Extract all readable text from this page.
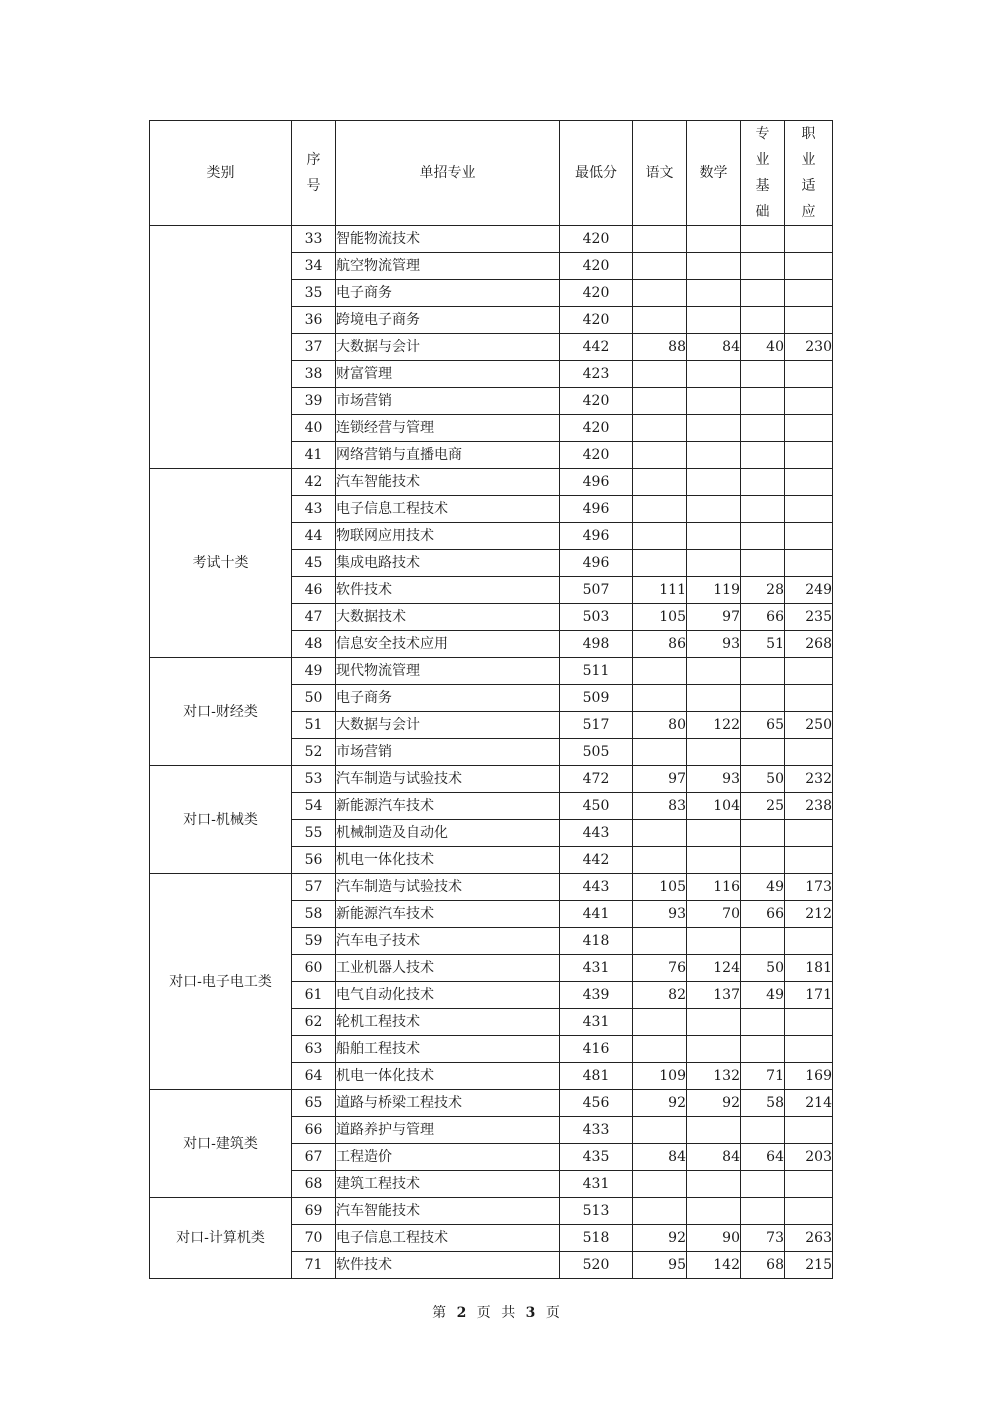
类别	序号	单招专业	最低分	语文	数学	专业基础	职业适应
	33	智能物流技术	420				
	34	航空物流管理	420				
	35	电子商务	420				
	36	跨境电子商务	420				
	37	大数据与会计	442	88	84	40	230
	38	财富管理	423				
	39	市场营销	420				
	40	连锁经营与管理	420				
	41	网络营销与直播电商	420				
考试十类	42	汽车智能技术	496				
	43	电子信息工程技术	496				
	44	物联网应用技术	496				
	45	集成电路技术	496				
	46	软件技术	507	111	119	28	249
	47	大数据技术	503	105	97	66	235
	48	信息安全技术应用	498	86	93	51	268
对口-财经类	49	现代物流管理	511				
	50	电子商务	509				
	51	大数据与会计	517	80	122	65	250
	52	市场营销	505				
对口-机械类	53	汽车制造与试验技术	472	97	93	50	232
	54	新能源汽车技术	450	83	104	25	238
	55	机械制造及自动化	443				
	56	机电一体化技术	442				
对口-电子电工类	57	汽车制造与试验技术	443	105	116	49	173
	58	新能源汽车技术	441	93	70	66	212
	59	汽车电子技术	418				
	60	工业机器人技术	431	76	124	50	181
	61	电气自动化技术	439	82	137	49	171
	62	轮机工程技术	431				
	63	船舶工程技术	416				
	64	机电一体化技术	481	109	132	71	169
对口-建筑类	65	道路与桥梁工程技术	456	92	92	58	214
	66	道路养护与管理	433				
	67	工程造价	435	84	84	64	203
	68	建筑工程技术	431				
对口-计算机类	69	汽车智能技术	513				
	70	电子信息工程技术	518	92	90	73	263
	71	软件技术	520	95	142	68	215
第 2 页 共 3 页
